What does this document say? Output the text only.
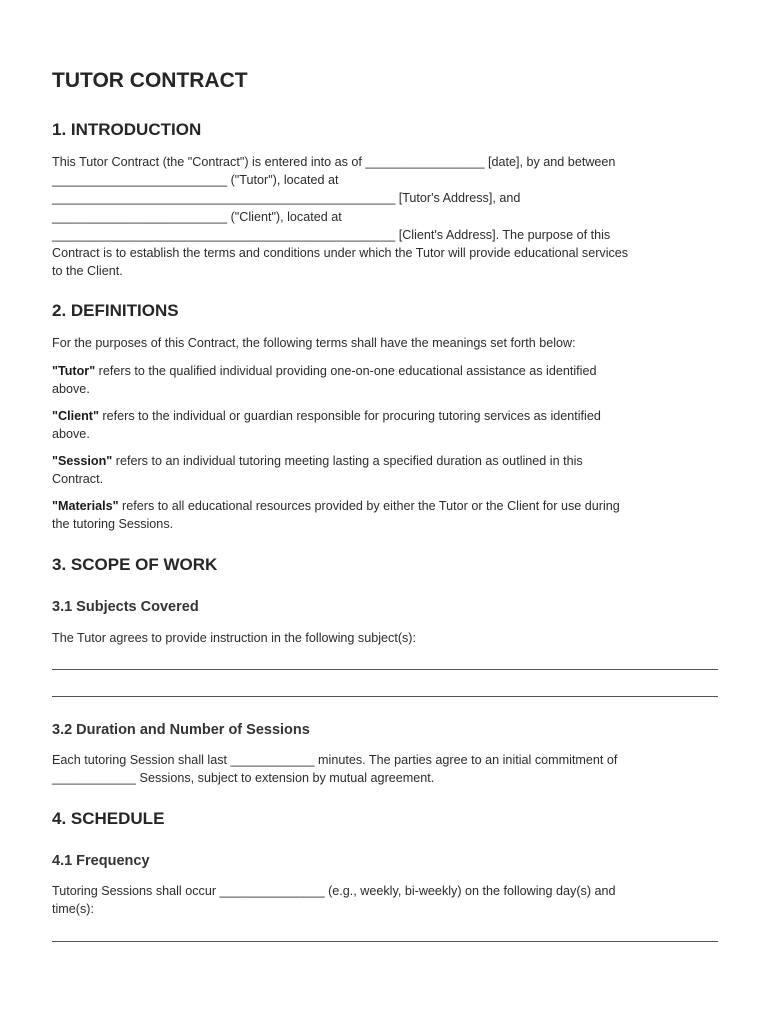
TUTOR CONTRACT
1. INTRODUCTION
This Tutor Contract (the "Contract") is entered into as of _________________ [date], by and between
_________________________ ("Tutor"), located at
_________________________________________________ [Tutor's Address], and
_________________________ ("Client"), located at
_________________________________________________ [Client's Address]. The purpose of this
Contract is to establish the terms and conditions under which the Tutor will provide educational services
to the Client.
2. DEFINITIONS
For the purposes of this Contract, the following terms shall have the meanings set forth below:
"Tutor" refers to the qualified individual providing one-on-one educational assistance as identified
above.
"Client" refers to the individual or guardian responsible for procuring tutoring services as identified
above.
"Session" refers to an individual tutoring meeting lasting a specified duration as outlined in this
Contract.
"Materials" refers to all educational resources provided by either the Tutor or the Client for use during
the tutoring Sessions.
3. SCOPE OF WORK
3.1 Subjects Covered
The Tutor agrees to provide instruction in the following subject(s):
3.2 Duration and Number of Sessions
Each tutoring Session shall last ____________ minutes. The parties agree to an initial commitment of
____________ Sessions, subject to extension by mutual agreement.
4. SCHEDULE
4.1 Frequency
Tutoring Sessions shall occur _______________ (e.g., weekly, bi-weekly) on the following day(s) and
time(s):
